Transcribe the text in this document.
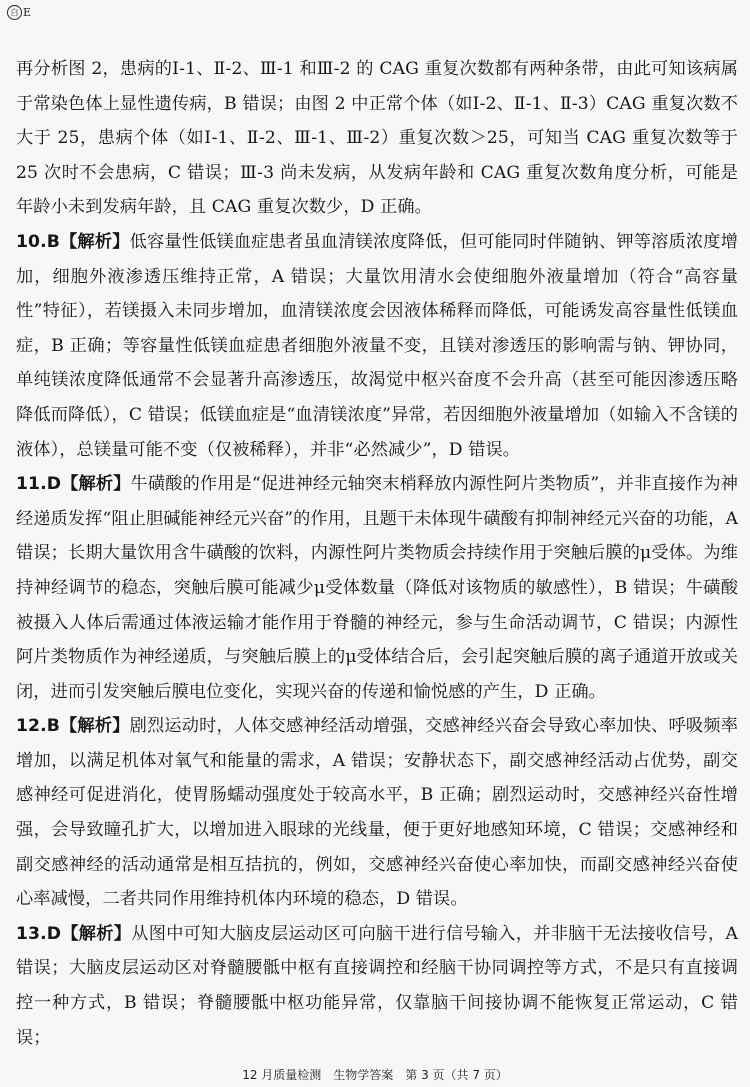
白 E

再分析图 2，患病的Ⅰ-1、Ⅱ-2、Ⅲ-1 和Ⅲ-2 的 CAG 重复次数都有两种条带，由此可知该病属于常染色体上显性遗传病，B 错误；由图 2 中正常个体（如Ⅰ-2、Ⅱ-1、Ⅱ-3）CAG 重复次数不大于 25，患病个体（如Ⅰ-1、Ⅱ-2、Ⅲ-1、Ⅲ-2）重复次数＞25，可知当 CAG 重复次数等于 25 次时不会患病，C 错误；Ⅲ-3 尚未发病，从发病年龄和 CAG 重复次数角度分析，可能是年龄小未到发病年龄，且 CAG 重复次数少，D 正确。

10.B【解析】低容量性低镁血症患者虽血清镁浓度降低，但可能同时伴随钠、钾等溶质浓度增加，细胞外液渗透压维持正常，A 错误；大量饮用清水会使细胞外液量增加（符合“高容量性”特征），若镁摄入未同步增加，血清镁浓度会因液体稀释而降低，可能诱发高容量性低镁血症，B 正确；等容量性低镁血症患者细胞外液量不变，且镁对渗透压的影响需与钠、钾协同，单纯镁浓度降低通常不会显著升高渗透压，故渴觉中枢兴奋度不会升高（甚至可能因渗透压略降低而降低），C 错误；低镁血症是“血清镁浓度”异常，若因细胞外液量增加（如输入不含镁的液体），总镁量可能不变（仅被稀释），并非“必然减少”，D 错误。

11.D【解析】牛磺酸的作用是“促进神经元轴突末梢释放内源性阿片类物质”，并非直接作为神经递质发挥“阻止胆碱能神经元兴奋”的作用，且题干未体现牛磺酸有抑制神经元兴奋的功能，A 错误；长期大量饮用含牛磺酸的饮料，内源性阿片类物质会持续作用于突触后膜的μ受体。为维持神经调节的稳态，突触后膜可能减少μ受体数量（降低对该物质的敏感性），B 错误；牛磺酸被摄入人体后需通过体液运输才能作用于脊髓的神经元，参与生命活动调节，C 错误；内源性阿片类物质作为神经递质，与突触后膜上的μ受体结合后，会引起突触后膜的离子通道开放或关闭，进而引发突触后膜电位变化，实现兴奋的传递和愉悦感的产生，D 正确。

12.B【解析】剧烈运动时，人体交感神经活动增强，交感神经兴奋会导致心率加快、呼吸频率增加，以满足机体对氧气和能量的需求，A 错误；安静状态下，副交感神经活动占优势，副交感神经可促进消化，使胃肠蠕动强度处于较高水平，B 正确；剧烈运动时，交感神经兴奋性增强，会导致瞳孔扩大，以增加进入眼球的光线量，便于更好地感知环境，C 错误；交感神经和副交感神经的活动通常是相互拮抗的，例如，交感神经兴奋使心率加快，而副交感神经兴奋使心率减慢，二者共同作用维持机体内环境的稳态，D 错误。

13.D【解析】从图中可知大脑皮层运动区可向脑干进行信号输入，并非脑干无法接收信号，A 错误；大脑皮层运动区对脊髓腰骶中枢有直接调控和经脑干协同调控等方式，不是只有直接调控一种方式，B 错误；脊髓腰骶中枢功能异常，仅靠脑干间接协调不能恢复正常运动，C 错误；

12 月质量检测　生物学答案　第 3 页（共 7 页）
